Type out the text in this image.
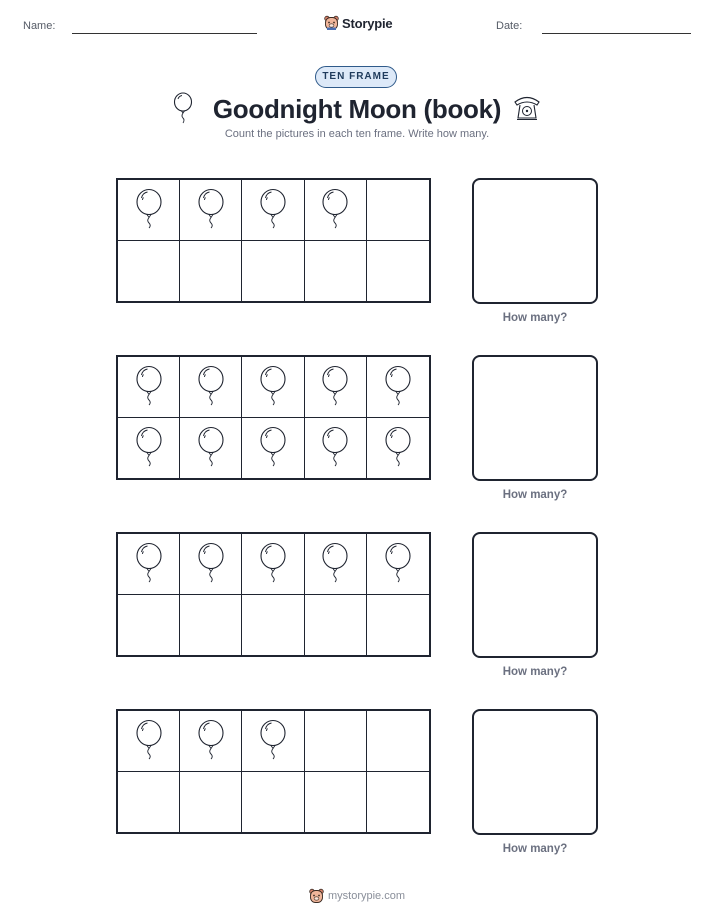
Name:	Storypie	Date:
TEN FRAME
Goodnight Moon (book)
Count the pictures in each ten frame. Write how many.
How many?
How many?
How many?
How many?
mystorypie.com
